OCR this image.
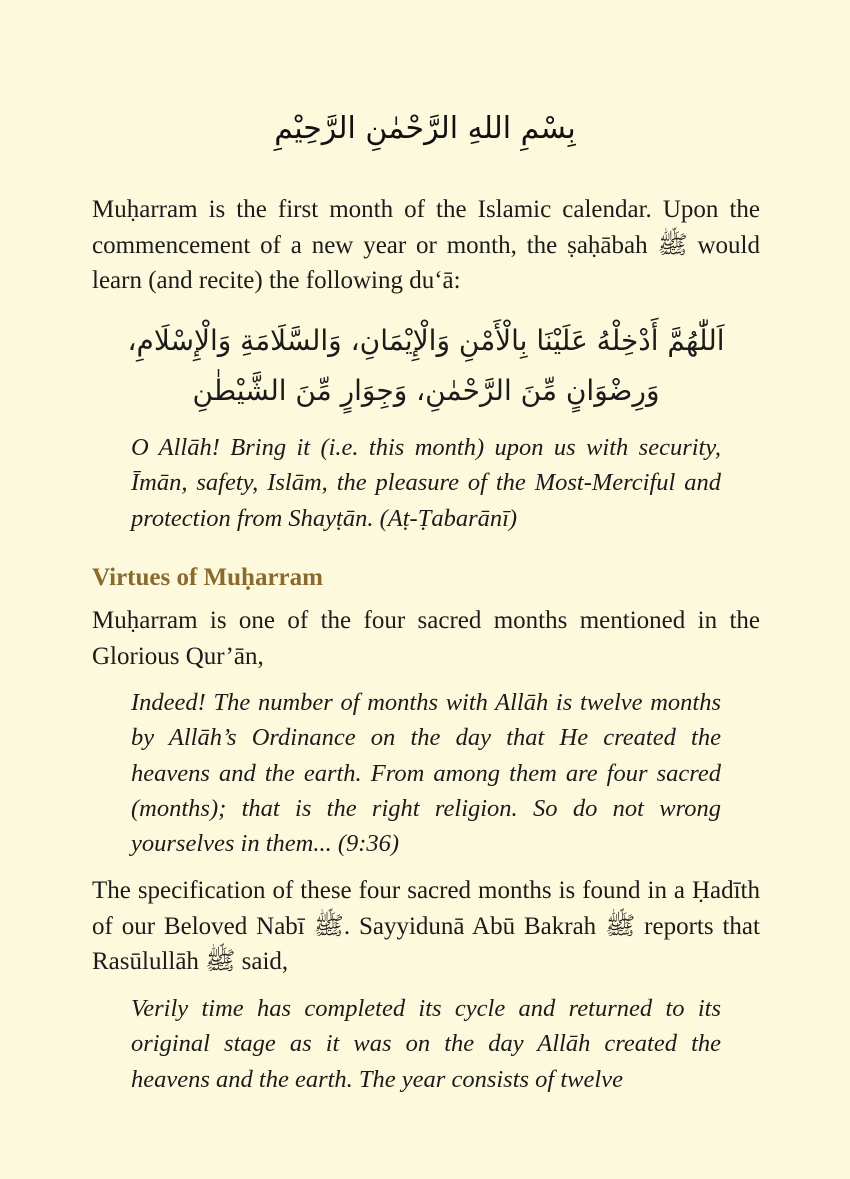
بِسْمِ اللهِ الرَّحْمٰنِ الرَّحِيْمِ

Muḥarram is the first month of the Islamic calendar. Upon the commencement of a new year or month, the ṣaḥābah ﷺ would learn (and recite) the following du‘ā:

اَللّٰهُمَّ أَدْخِلْهُ عَلَيْنَا بِالْأَمْنِ وَالْإِيْمَانِ، وَالسَّلَامَةِ وَالْإِسْلَامِ،

وَرِضْوَانٍ مِّنَ الرَّحْمٰنِ، وَجِوَارٍ مِّنَ الشَّيْطٰنِ

O Allāh! Bring it (i.e. this month) upon us with security, Īmān, safety, Islām, the pleasure of the Most-Merciful and protection from Shayṭān. (Aṭ-Ṭabarānī)

Virtues of Muḥarram

Muḥarram is one of the four sacred months mentioned in the Glorious Qur’ān,

Indeed! The number of months with Allāh is twelve months by Allāh’s Ordinance on the day that He created the heavens and the earth. From among them are four sacred (months); that is the right religion. So do not wrong yourselves in them... (9:36)

The specification of these four sacred months is found in a Ḥadīth of our Beloved Nabī ﷺ. Sayyidunā Abū Bakrah ﷺ reports that Rasūlullāh ﷺ said,

Verily time has completed its cycle and returned to its original stage as it was on the day Allāh created the heavens and the earth. The year consists of twelve
